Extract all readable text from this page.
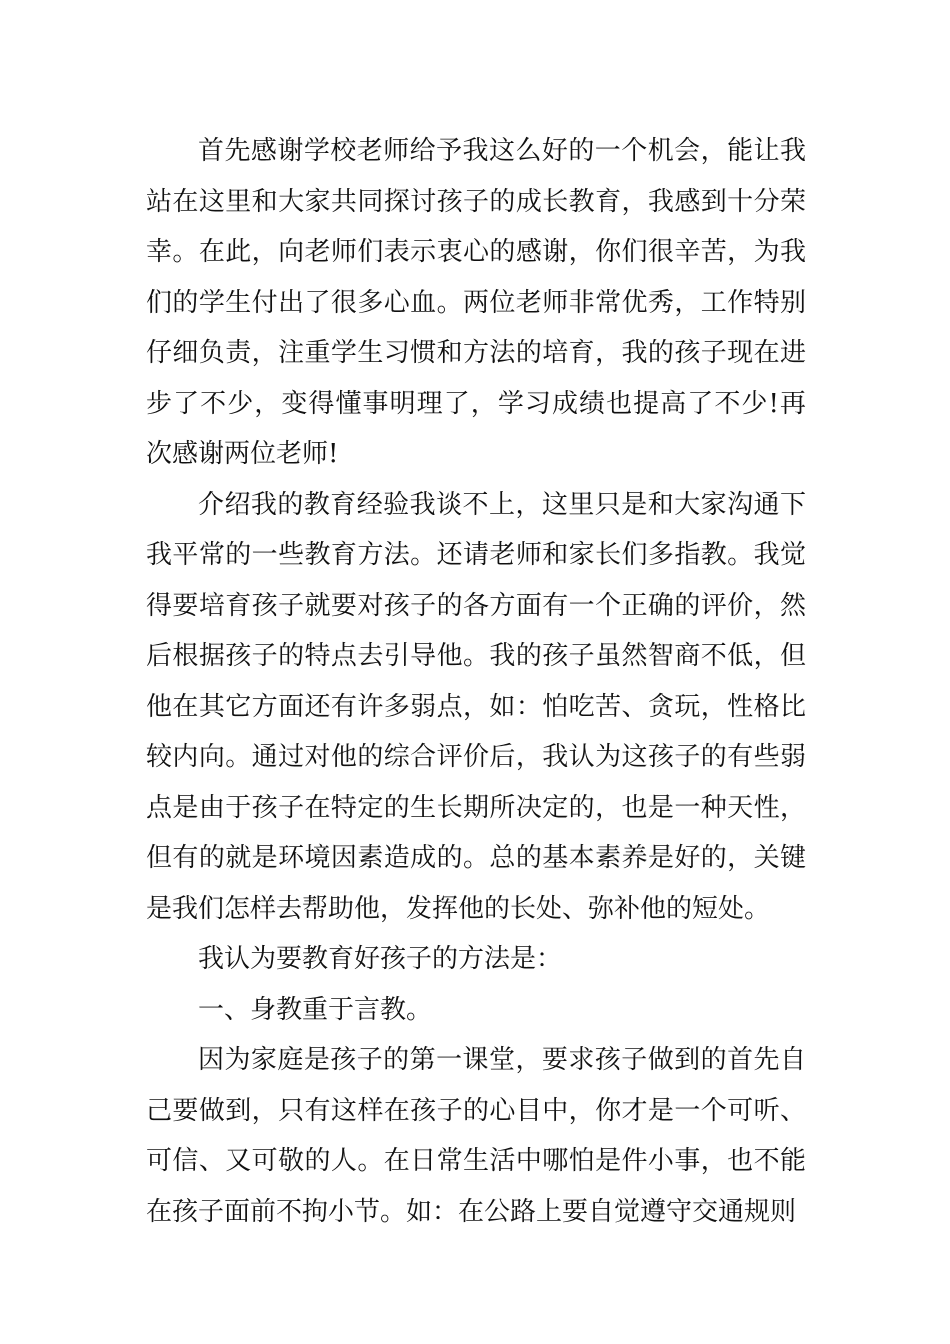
首先感谢学校老师给予我这么好的一个机会，能让我站在这里和大家共同探讨孩子的成长教育，我感到十分荣幸。在此，向老师们表示衷心的感谢，你们很辛苦，为我们的学生付出了很多心血。两位老师非常优秀，工作特别仔细负责，注重学生习惯和方法的培育，我的孩子现在进步了不少，变得懂事明理了，学习成绩也提高了不少!再次感谢两位老师!

介绍我的教育经验我谈不上，这里只是和大家沟通下我平常的一些教育方法。还请老师和家长们多指教。我觉得要培育孩子就要对孩子的各方面有一个正确的评价，然后根据孩子的特点去引导他。我的孩子虽然智商不低，但他在其它方面还有许多弱点，如：怕吃苦、贪玩，性格比较内向。通过对他的综合评价后，我认为这孩子的有些弱点是由于孩子在特定的生长期所决定的，也是一种天性，但有的就是环境因素造成的。总的基本素养是好的，关键是我们怎样去帮助他，发挥他的长处、弥补他的短处。

我认为要教育好孩子的方法是：

一、身教重于言教。

因为家庭是孩子的第一课堂，要求孩子做到的首先自己要做到，只有这样在孩子的心目中，你才是一个可听、可信、又可敬的人。在日常生活中哪怕是件小事，也不能在孩子面前不拘小节。如：在公路上要自觉遵守交通规则
